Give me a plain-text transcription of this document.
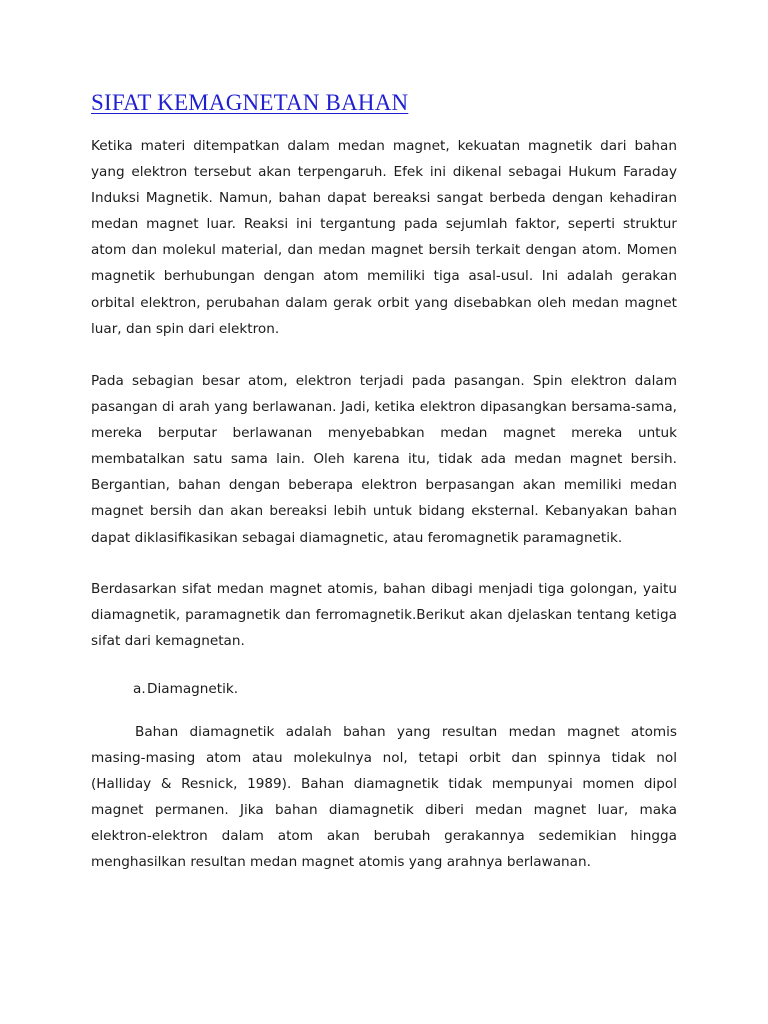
SIFAT KEMAGNETAN BAHAN

Ketika materi ditempatkan dalam medan magnet, kekuatan magnetik dari bahan yang elektron tersebut akan terpengaruh. Efek ini dikenal sebagai Hukum Faraday Induksi Magnetik. Namun, bahan dapat bereaksi sangat berbeda dengan kehadiran medan magnet luar. Reaksi ini tergantung pada sejumlah faktor, seperti struktur atom dan molekul material, dan medan magnet bersih terkait dengan atom. Momen magnetik berhubungan dengan atom memiliki tiga asal-usul. Ini adalah gerakan orbital elektron, perubahan dalam gerak orbit yang disebabkan oleh medan magnet luar, dan spin dari elektron.

Pada sebagian besar atom, elektron terjadi pada pasangan. Spin elektron dalam pasangan di arah yang berlawanan. Jadi, ketika elektron dipasangkan bersama-sama, mereka berputar berlawanan menyebabkan medan magnet mereka untuk membatalkan satu sama lain. Oleh karena itu, tidak ada medan magnet bersih. Bergantian, bahan dengan beberapa elektron berpasangan akan memiliki medan magnet bersih dan akan bereaksi lebih untuk bidang eksternal. Kebanyakan bahan dapat diklasifikasikan sebagai diamagnetic, atau feromagnetik paramagnetik.

Berdasarkan sifat medan magnet atomis, bahan dibagi menjadi tiga golongan, yaitu diamagnetik, paramagnetik dan ferromagnetik.Berikut akan djelaskan tentang ketiga sifat dari kemagnetan.

a.Diamagnetik.

Bahan diamagnetik adalah bahan yang resultan medan magnet atomis masing-masing atom atau molekulnya nol, tetapi orbit dan spinnya tidak nol (Halliday & Resnick, 1989). Bahan diamagnetik tidak mempunyai momen dipol magnet permanen. Jika bahan diamagnetik diberi medan magnet luar, maka elektron-elektron dalam atom akan berubah gerakannya sedemikian hingga menghasilkan resultan medan magnet atomis yang arahnya berlawanan.
